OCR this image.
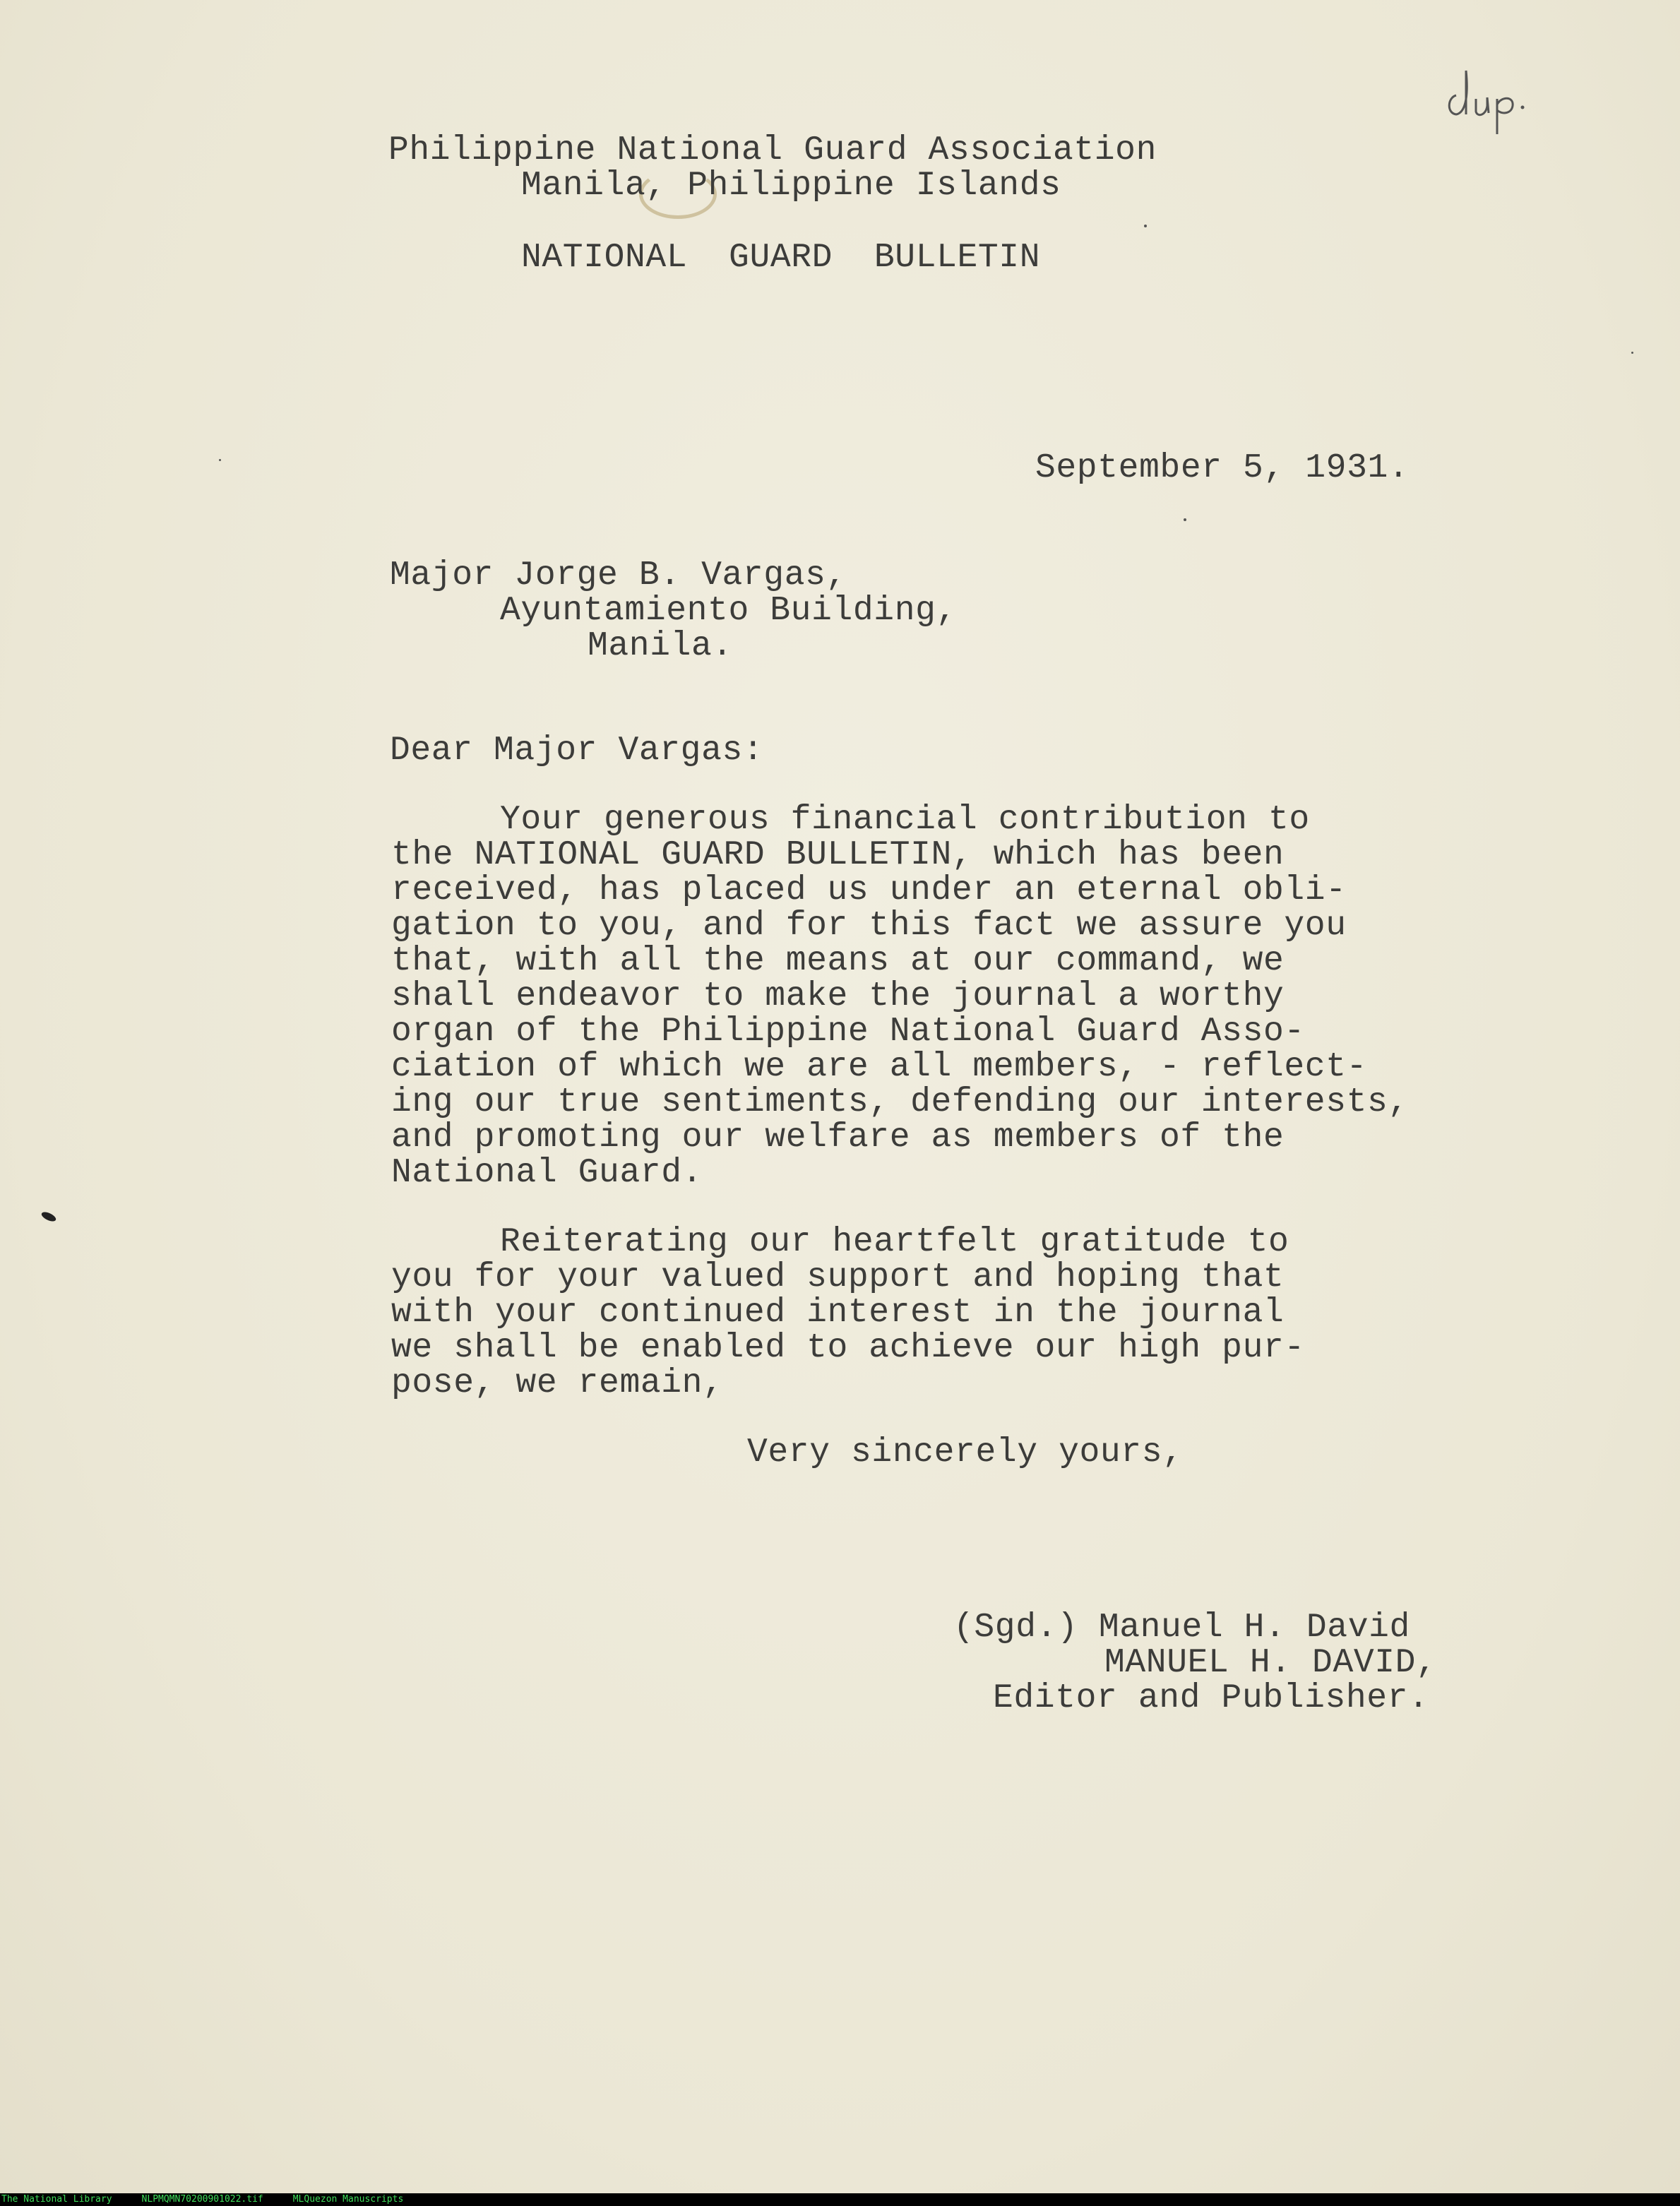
Philippine National Guard Association
Manila, Philippine Islands
NATIONAL  GUARD  BULLETIN
September 5, 1931.
Major Jorge B. Vargas,
Ayuntamiento Building,
Manila.
Dear Major Vargas:
Your generous financial contribution to
the NATIONAL GUARD BULLETIN, which has been
received, has placed us under an eternal obli-
gation to you, and for this fact we assure you
that, with all the means at our command, we
shall endeavor to make the journal a worthy
organ of the Philippine National Guard Asso-
ciation of which we are all members, - reflect-
ing our true sentiments, defending our interests,
and promoting our welfare as members of the
National Guard.
Reiterating our heartfelt gratitude to
you for your valued support and hoping that
with your continued interest in the journal
we shall be enabled to achieve our high pur-
pose, we remain,
Very sincerely yours,
(Sgd.) Manuel H. David
MANUEL H. DAVID,
Editor and Publisher.
The National Library	NLPMQMN70200901022.tif	MLQuezon Manuscripts
